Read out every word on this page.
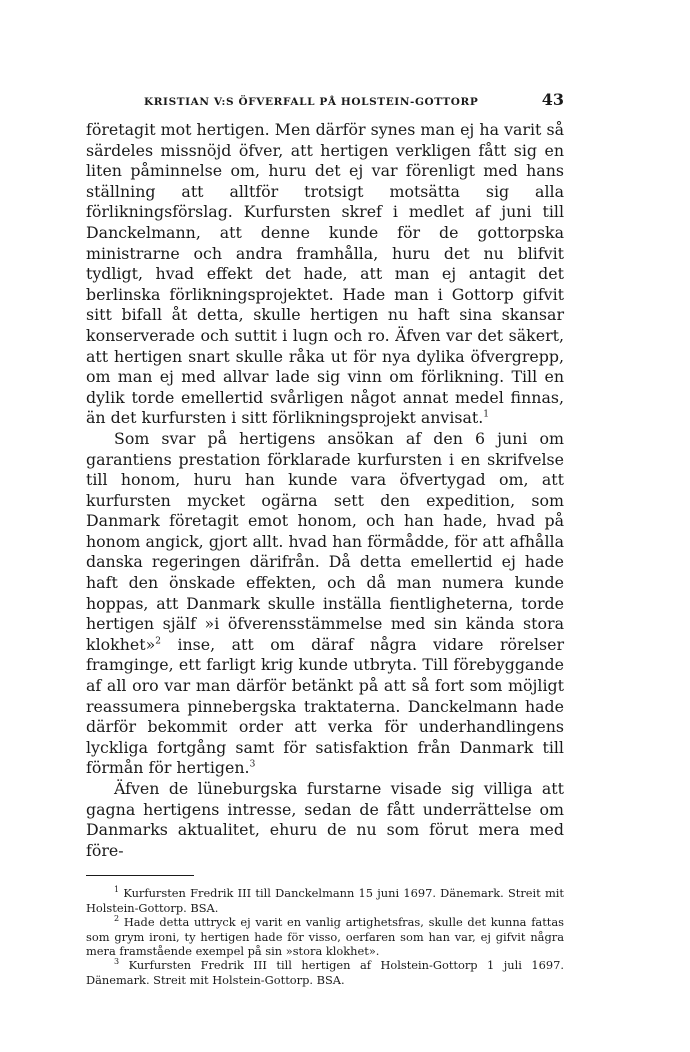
KRISTIAN V:S ÖFVERFALL PÅ HOLSTEIN-GOTTORP	43

företagit mot hertigen. Men därför synes man ej ha varit så särdeles missnöjd öfver, att hertigen verkligen fått sig en liten påminnelse om, huru det ej var förenligt med hans ställning att alltför trotsigt motsätta sig alla förlikningsförslag. Kurfursten skref i medlet af juni till Danckelmann, att denne kunde för de gottorpska ministrarne och andra framhålla, huru det nu blifvit tydligt, hvad effekt det hade, att man ej antagit det berlinska förlikningsprojektet. Hade man i Gottorp gifvit sitt bifall åt detta, skulle hertigen nu haft sina skansar konserverade och suttit i lugn och ro. Äfven var det säkert, att hertigen snart skulle råka ut för nya dylika öfvergrepp, om man ej med allvar lade sig vinn om förlikning. Till en dylik torde emellertid svårligen något annat medel finnas, än det kurfursten i sitt förlikningsprojekt anvisat.$^1$

Som svar på hertigens ansökan af den 6 juni om garantiens prestation förklarade kurfursten i en skrifvelse till honom, huru han kunde vara öfvertygad om, att kurfursten mycket ogärna sett den expedition, som Danmark företagit emot honom, och han hade, hvad på honom angick, gjort allt. hvad han förmådde, för att afhålla danska regeringen därifrån. Då detta emellertid ej hade haft den önskade effekten, och då man numera kunde hoppas, att Danmark skulle inställa fientligheterna, torde hertigen själf »i öfverensstämmelse med sin kända stora klokhet»$^2$ inse, att om däraf några vidare rörelser framginge, ett farligt krig kunde utbryta. Till förebyggande af all oro var man därför betänkt på att så fort som möjligt reassumera pinnebergska traktaterna. Danckelmann hade därför bekommit order att verka för underhandlingens lyckliga fortgång samt för satisfaktion från Danmark till förmån för hertigen.$^3$

Äfven de lüneburgska furstarne visade sig villiga att gagna hertigens intresse, sedan de fått underrättelse om Danmarks aktualitet, ehuru de nu som förut mera med före-

$^1$ Kurfursten Fredrik III till Danckelmann 15 juni 1697. Dänemark. Streit mit Holstein-Gottorp. BSA.

$^2$ Hade detta uttryck ej varit en vanlig artighetsfras, skulle det kunna fattas som grym ironi, ty hertigen hade för visso, oerfaren som han var, ej gifvit några mera framstående exempel på sin »stora klokhet».

$^3$ Kurfursten Fredrik III till hertigen af Holstein-Gottorp 1 juli 1697. Dänemark. Streit mit Holstein-Gottorp. BSA.
